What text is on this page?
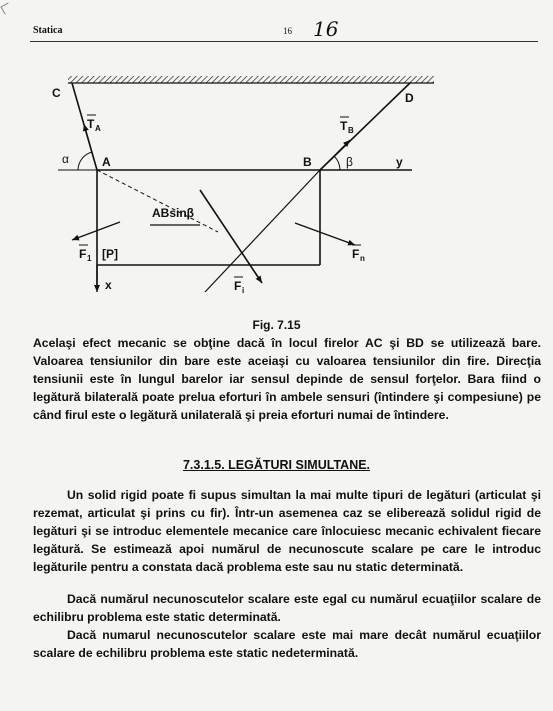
Statica	16 16
C	D
A	B
α	β	y
x
T A	T B
ABsinβ
F 1 [P]
F i
F n
Fig. 7.15
Acelaşi efect mecanic se obţine dacă în locul firelor AC şi BD se utilizează bare. Valoarea tensiunilor din bare este aceiaşi cu valoarea tensiunilor din fire. Direcţia tensiunii este în lungul barelor iar sensul depinde de sensul forţelor. Bara fiind o legătură bilaterală poate prelua eforturi în ambele sensuri (întindere şi compesiune) pe când firul este o legătură unilaterală şi preia eforturi numai de întindere.
7.3.1.5. LEGĂTURI SIMULTANE.
Un solid rigid poate fi supus simultan la mai multe tipuri de legături (articulat şi rezemat, articulat şi prins cu fir). Într-un asemenea caz se eliberează solidul rigid de legături şi se introduc elementele mecanice care înlocuiesc mecanic echivalent fiecare legătură. Se estimează apoi numărul de necunoscute scalare pe care le introduc legăturile pentru a constata dacă problema este sau nu static determinată.
Dacă numărul necunoscutelor scalare este egal cu numărul ecuaţiilor scalare de echilibru problema este static determinată.
Dacă numarul necunoscutelor scalare este mai mare decât numărul ecuaţiilor scalare de echilibru problema este static nedeterminată.
